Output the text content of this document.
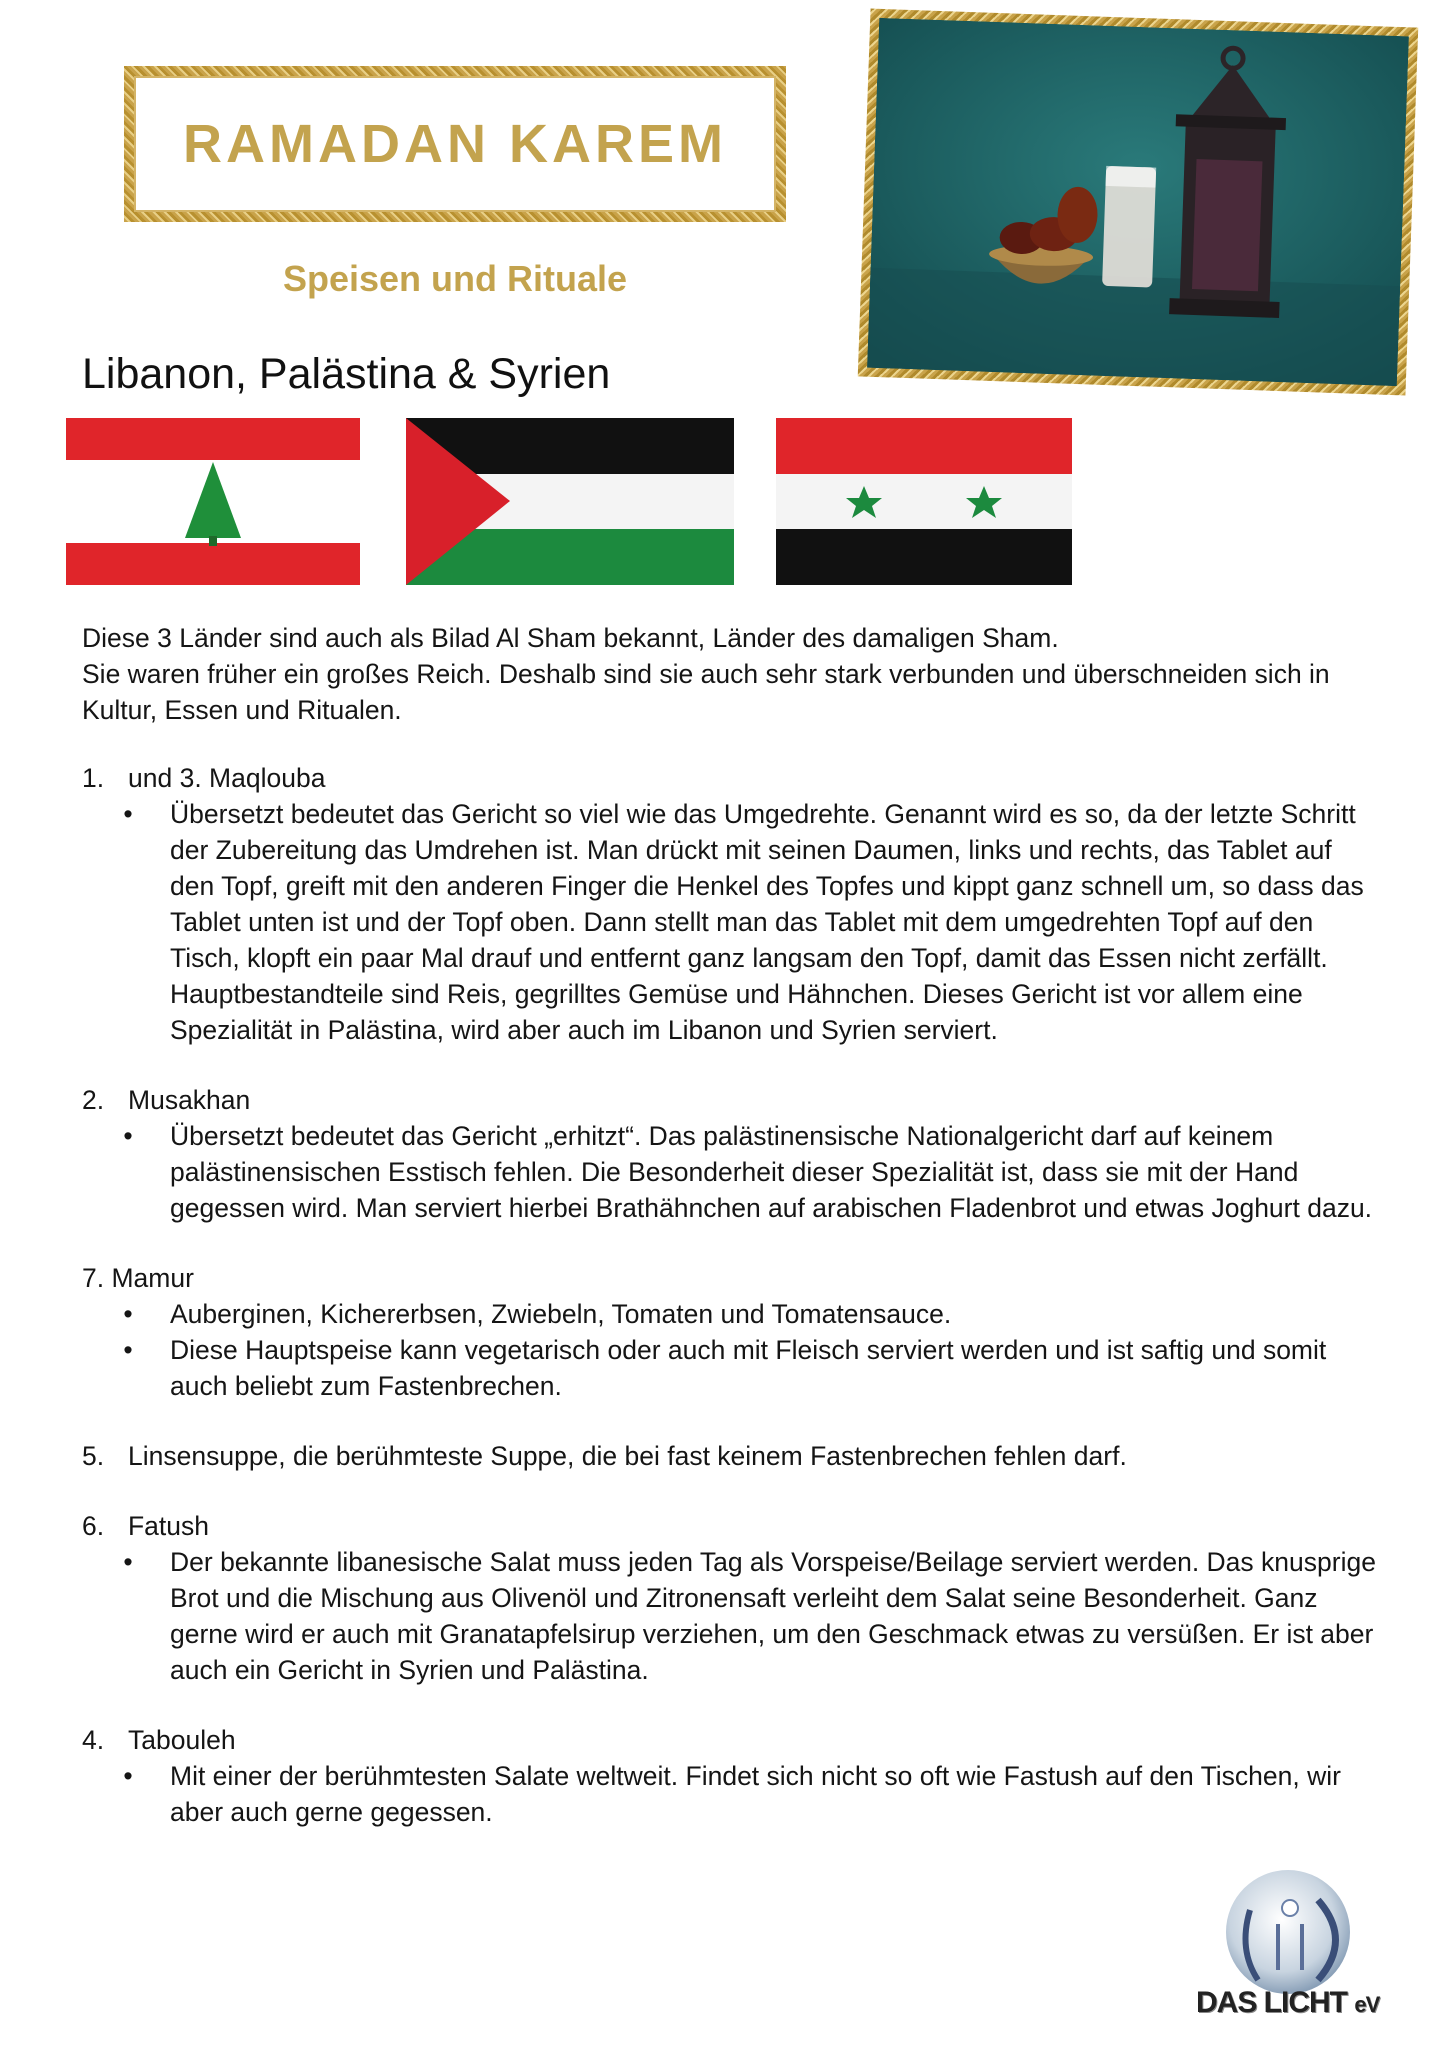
RAMADAN KAREM
Speisen und Rituale
Libanon, Palästina & Syrien

Diese 3 Länder sind auch als Bilad Al Sham bekannt, Länder des damaligen Sham.

Sie waren früher ein großes Reich. Deshalb sind sie auch sehr stark verbunden und überschneiden sich in Kultur, Essen und Ritualen.

1. und 3. Maqlouba
•	Übersetzt bedeutet das Gericht so viel wie das Umgedrehte. Genannt wird es so, da der letzte Schritt der Zubereitung das Umdrehen ist. Man drückt mit seinen Daumen, links und rechts, das Tablet auf den Topf, greift mit den anderen Finger die Henkel des Topfes und kippt ganz schnell um, so dass das Tablet unten ist und der Topf oben. Dann stellt man das Tablet mit dem umgedrehten Topf auf den Tisch, klopft ein paar Mal drauf und entfernt ganz langsam den Topf, damit das Essen nicht zerfällt. Hauptbestandteile sind Reis, gegrilltes Gemüse und Hähnchen. Dieses Gericht ist vor allem eine Spezialität in Palästina, wird aber auch im Libanon und Syrien serviert.
2. Musakhan
•	Übersetzt bedeutet das Gericht „erhitzt“. Das palästinensische Nationalgericht darf auf keinem palästinensischen Esstisch fehlen. Die Besonderheit dieser Spezialität ist, dass sie mit der Hand gegessen wird. Man serviert hierbei Brathähnchen auf arabischen Fladenbrot und etwas Joghurt dazu.
7.
Mamur
•	Auberginen, Kichererbsen, Zwiebeln, Tomaten und Tomatensauce.
•	Diese Hauptspeise kann vegetarisch oder auch mit Fleisch serviert werden und ist saftig und somit auch beliebt zum Fastenbrechen.
5. Linsensuppe, die berühmteste Suppe, die bei fast keinem Fastenbrechen fehlen darf.
6. Fatush
•	Der bekannte libanesische Salat muss jeden Tag als Vorspeise/Beilage serviert werden. Das knusprige Brot und die Mischung aus Olivenöl und Zitronensaft verleiht dem Salat seine Besonderheit. Ganz gerne wird er auch mit Granatapfelsirup verziehen, um den Geschmack etwas zu versüßen. Er ist aber auch ein Gericht in Syrien und Palästina.
4. Tabouleh
•	Mit einer der berühmtesten Salate weltweit. Findet sich nicht so oft wie Fastush auf den Tischen, wir aber auch gerne gegessen.
DAS LICHT eV
